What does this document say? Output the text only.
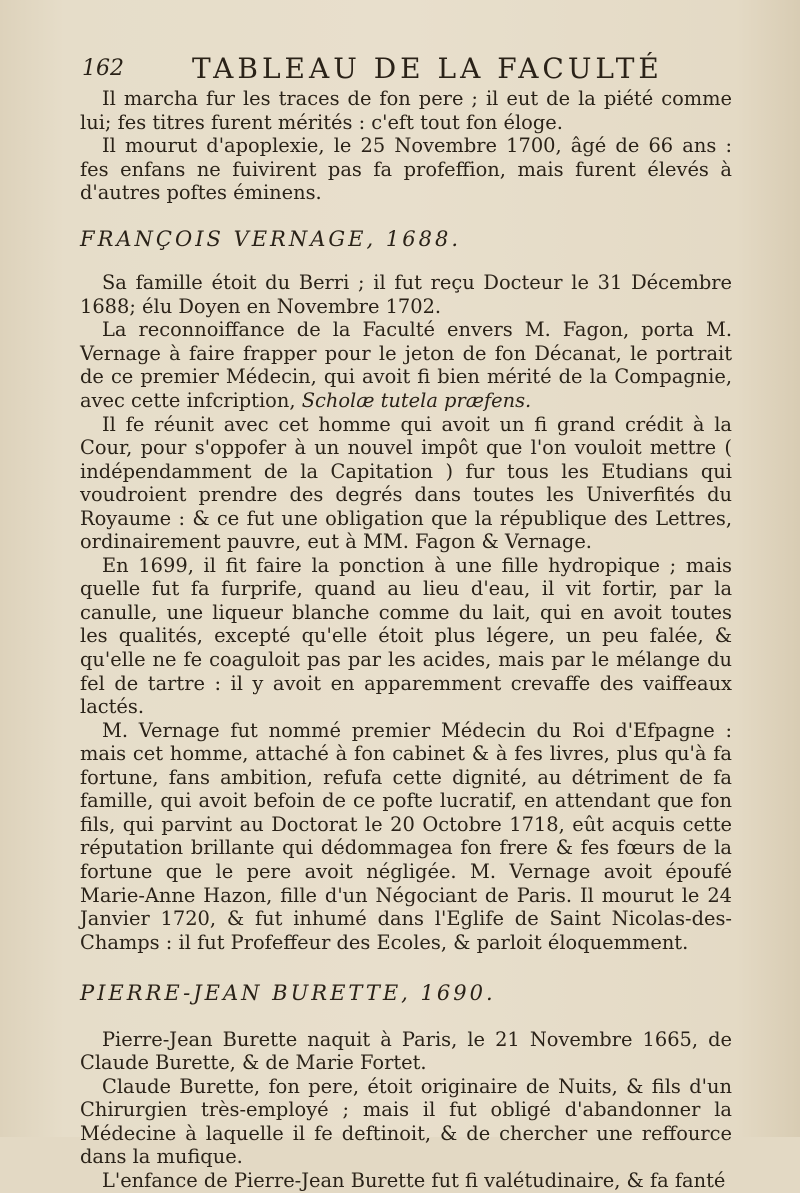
162 TABLEAU DE LA FACULTÉ

Il marcha fur les traces de fon pere ; il eut de la piété comme lui; fes titres furent mérités : c'eft tout fon éloge.

Il mourut d'apoplexie, le 25 Novembre 1700, âgé de 66 ans : fes enfans ne fuivirent pas fa profeffion, mais furent élevés à d'autres poftes éminens.

FRANÇOIS VERNAGE, 1688.

Sa famille étoit du Berri ; il fut reçu Docteur le 31 Décembre 1688; élu Doyen en Novembre 1702.

La reconnoiffance de la Faculté envers M. Fagon, porta M. Vernage à faire frapper pour le jeton de fon Décanat, le portrait de ce premier Médecin, qui avoit fi bien mérité de la Compagnie, avec cette infcription, Scholæ tutela præfens.

Il fe réunit avec cet homme qui avoit un fi grand crédit à la Cour, pour s'oppofer à un nouvel impôt que l'on vouloit mettre ( indépendamment de la Capitation ) fur tous les Etudians qui voudroient prendre des degrés dans toutes les Univerfités du Royaume : & ce fut une obligation que la république des Lettres, ordinairement pauvre, eut à MM. Fagon & Vernage.

En 1699, il fit faire la ponction à une fille hydropique ; mais quelle fut fa furprife, quand au lieu d'eau, il vit fortir, par la canulle, une liqueur blanche comme du lait, qui en avoit toutes les qualités, excepté qu'elle étoit plus légere, un peu falée, & qu'elle ne fe coaguloit pas par les acides, mais par le mélange du fel de tartre : il y avoit en apparemment crevaffe des vaiffeaux lactés.

M. Vernage fut nommé premier Médecin du Roi d'Efpagne : mais cet homme, attaché à fon cabinet & à fes livres, plus qu'à fa fortune, fans ambition, refufa cette dignité, au détriment de fa famille, qui avoit befoin de ce pofte lucratif, en attendant que fon fils, qui parvint au Doctorat le 20 Octobre 1718, eût acquis cette réputation brillante qui dédommagea fon frere & fes fœurs de la fortune que le pere avoit négligée. M. Vernage avoit époufé Marie-Anne Hazon, fille d'un Négociant de Paris. Il mourut le 24 Janvier 1720, & fut inhumé dans l'Eglife de Saint Nicolas-des-Champs : il fut Profeffeur des Ecoles, & parloit éloquemment.

PIERRE-JEAN BURETTE, 1690.

Pierre-Jean Burette naquit à Paris, le 21 Novembre 1665, de Claude Burette, & de Marie Fortet.

Claude Burette, fon pere, étoit originaire de Nuits, & fils d'un Chirurgien très-employé ; mais il fut obligé d'abandonner la Médecine à laquelle il fe deftinoit, & de chercher une reffource dans la mufique.

L'enfance de Pierre-Jean Burette fut fi valétudinaire, & fa fanté
